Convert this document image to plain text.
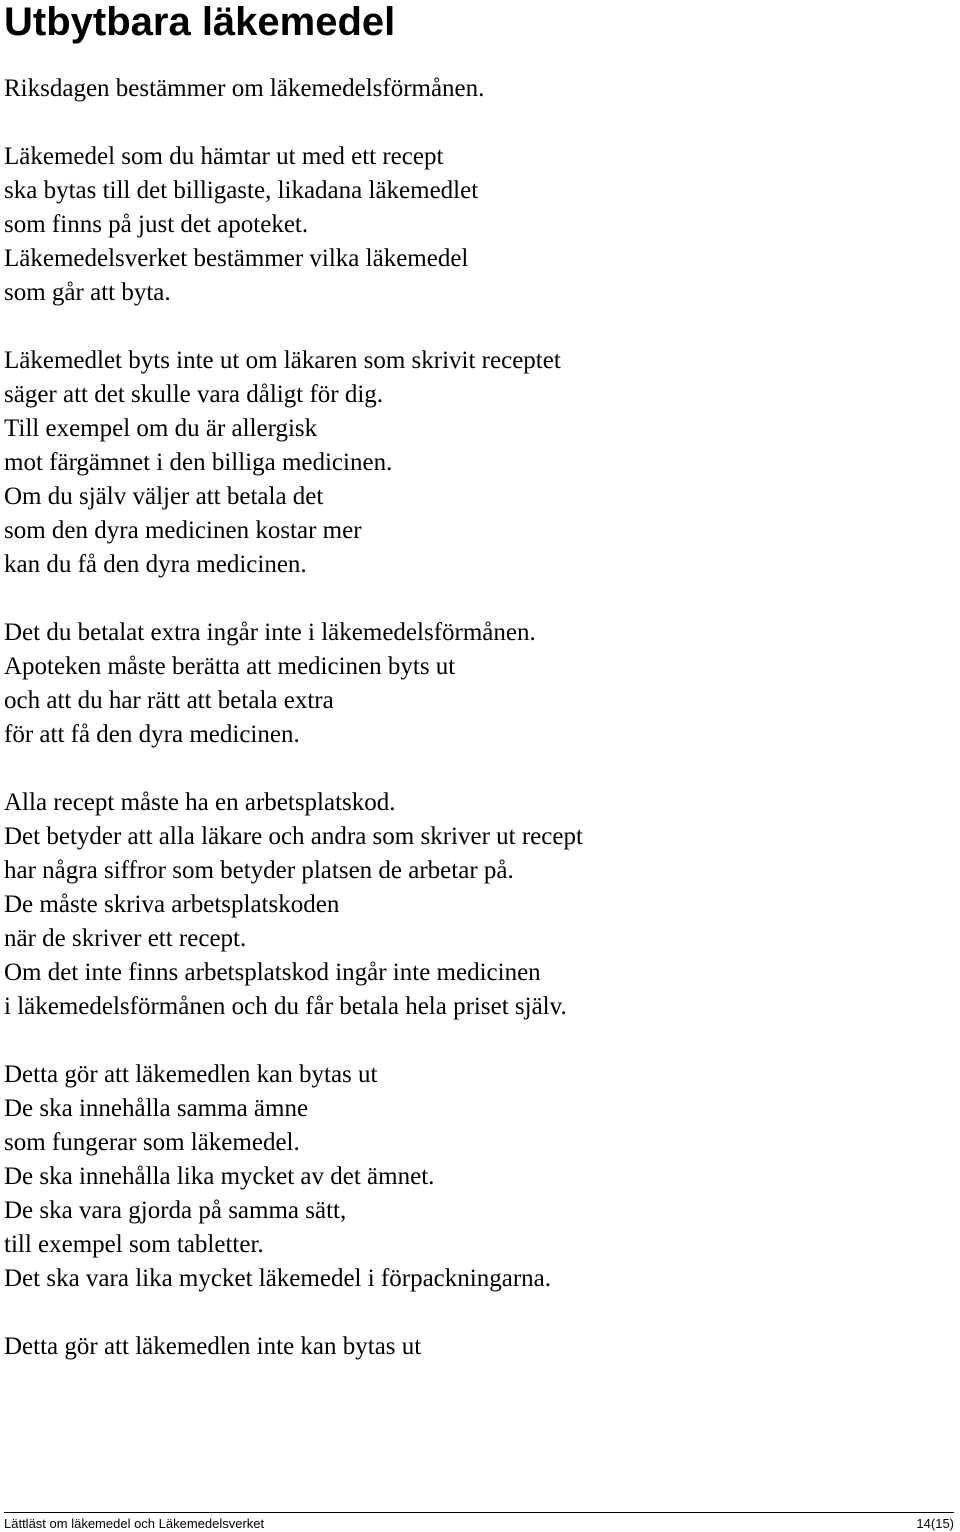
Utbytbara läkemedel

Riksdagen bestämmer om läkemedelsförmånen.

Läkemedel som du hämtar ut med ett recept
ska bytas till det billigaste, likadana läkemedlet
som finns på just det apoteket.
Läkemedelsverket bestämmer vilka läkemedel
som går att byta.

Läkemedlet byts inte ut om läkaren som skrivit receptet
säger att det skulle vara dåligt för dig.
Till exempel om du är allergisk
mot färgämnet i den billiga medicinen.
Om du själv väljer att betala det
som den dyra medicinen kostar mer
kan du få den dyra medicinen.

Det du betalat extra ingår inte i läkemedelsförmånen.
Apoteken måste berätta att medicinen byts ut
och att du har rätt att betala extra
för att få den dyra medicinen.

Alla recept måste ha en arbetsplatskod.
Det betyder att alla läkare och andra som skriver ut recept
har några siffror som betyder platsen de arbetar på.
De måste skriva arbetsplatskoden
när de skriver ett recept.
Om det inte finns arbetsplatskod ingår inte medicinen
i läkemedelsförmånen och du får betala hela priset själv.

Detta gör att läkemedlen kan bytas ut
De ska innehålla samma ämne
som fungerar som läkemedel.
De ska innehålla lika mycket av det ämnet.
De ska vara gjorda på samma sätt,
till exempel som tabletter.
Det ska vara lika mycket läkemedel i förpackningarna.

Detta gör att läkemedlen inte kan bytas ut

Lättläst om läkemedel och Läkemedelsverket	14(15)
